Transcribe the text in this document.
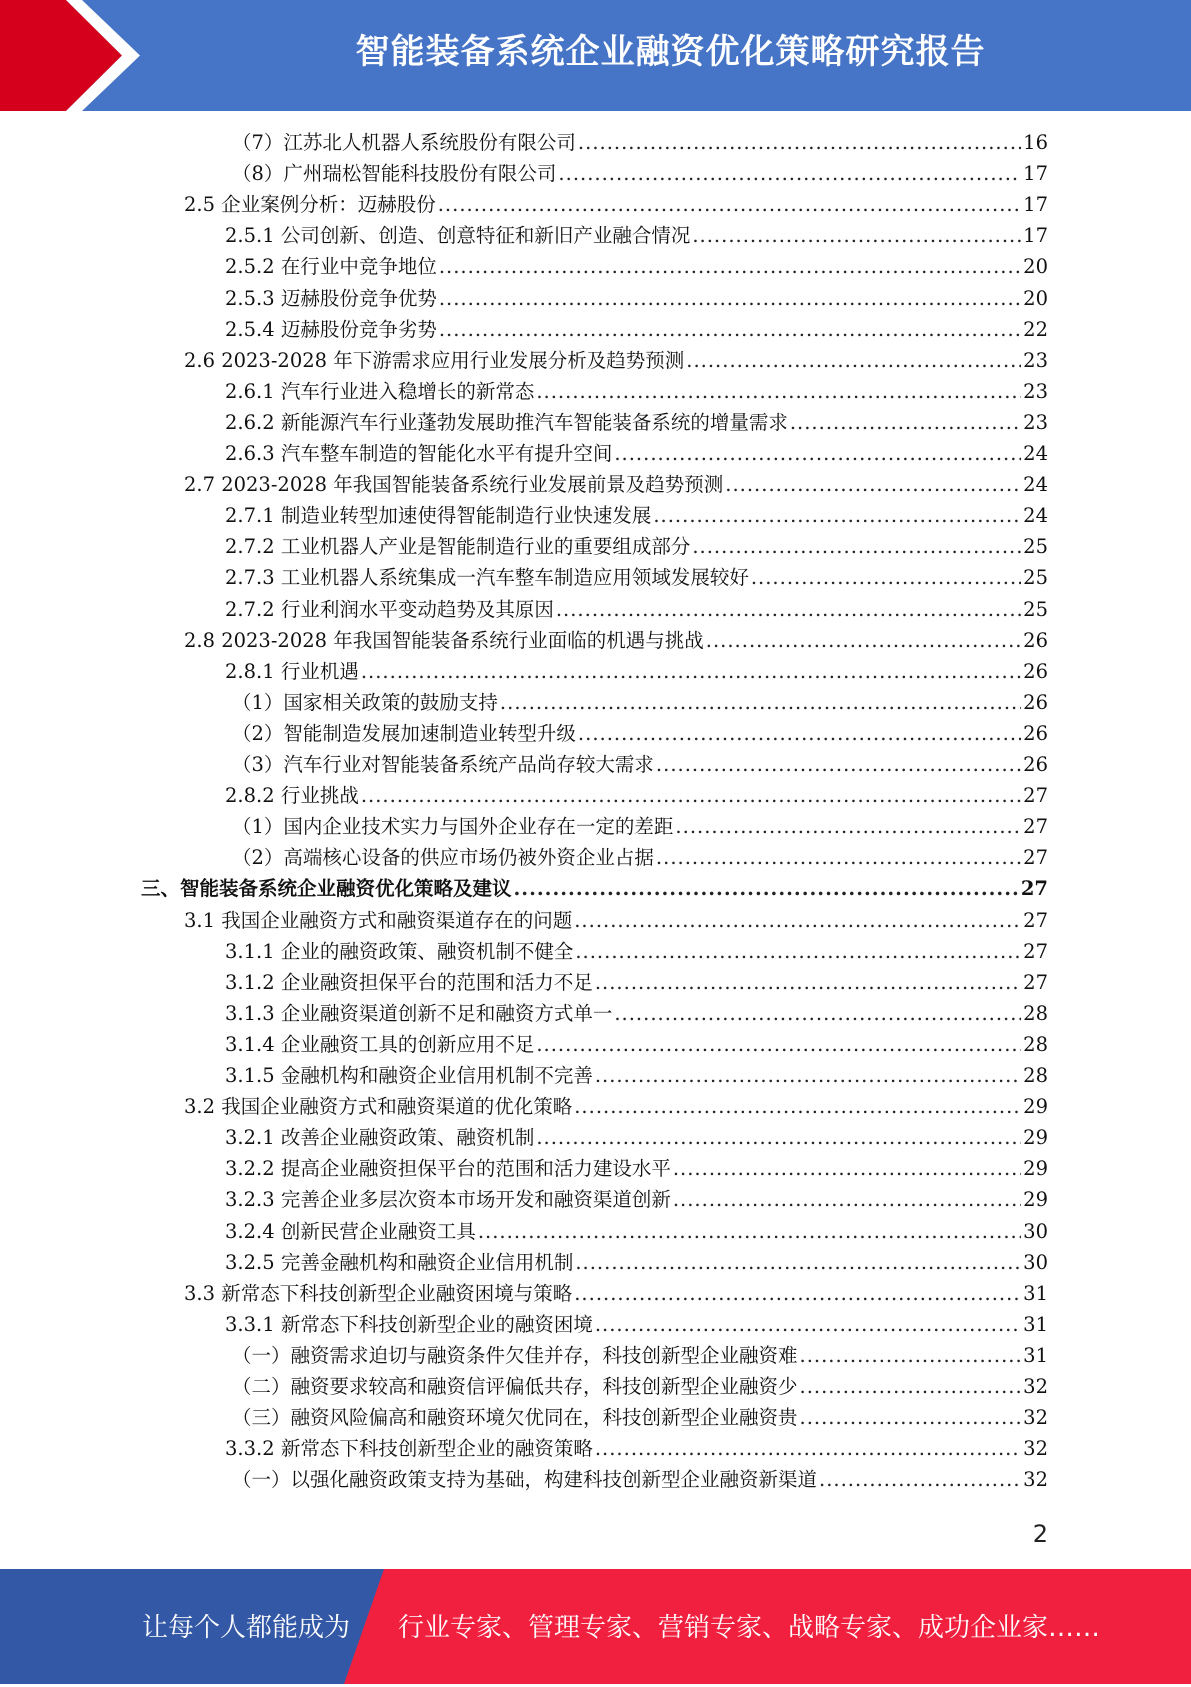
智能装备系统企业融资优化策略研究报告
（7）江苏北人机器人系统股份有限公司 .....	16
（8）广州瑞松智能科技股份有限公司 .....	17
2.5 企业案例分析：迈赫股份 .....	17
2.5.1 公司创新、创造、创意特征和新旧产业融合情况 .....	17
2.5.2 在行业中竞争地位 .....	20
2.5.3 迈赫股份竞争优势 .....	20
2.5.4 迈赫股份竞争劣势 .....	22
2.6 2023-2028 年下游需求应用行业发展分析及趋势预测 .....	23
2.6.1 汽车行业进入稳增长的新常态 .....	23
2.6.2 新能源汽车行业蓬勃发展助推汽车智能装备系统的增量需求 .....	23
2.6.3 汽车整车制造的智能化水平有提升空间 .....	24
2.7 2023-2028 年我国智能装备系统行业发展前景及趋势预测 .....	24
2.7.1 制造业转型加速使得智能制造行业快速发展 .....	24
2.7.2 工业机器人产业是智能制造行业的重要组成部分 .....	25
2.7.3 工业机器人系统集成一汽车整车制造应用领域发展较好 .....	25
2.7.2 行业利润水平变动趋势及其原因 .....	25
2.8 2023-2028 年我国智能装备系统行业面临的机遇与挑战 .....	26
2.8.1 行业机遇 .....	26
（1）国家相关政策的鼓励支持 .....	26
（2）智能制造发展加速制造业转型升级 .....	26
（3）汽车行业对智能装备系统产品尚存较大需求 .....	26
2.8.2 行业挑战 .....	27
（1）国内企业技术实力与国外企业存在一定的差距 .....	27
（2）高端核心设备的供应市场仍被外资企业占据 .....	27
三、智能装备系统企业融资优化策略及建议 .....	27
3.1 我国企业融资方式和融资渠道存在的问题 .....	27
3.1.1 企业的融资政策、融资机制不健全 .....	27
3.1.2 企业融资担保平台的范围和活力不足 .....	27
3.1.3 企业融资渠道创新不足和融资方式单一 .....	28
3.1.4 企业融资工具的创新应用不足 .....	28
3.1.5 金融机构和融资企业信用机制不完善 .....	28
3.2 我国企业融资方式和融资渠道的优化策略 .....	29
3.2.1 改善企业融资政策、融资机制 .....	29
3.2.2 提高企业融资担保平台的范围和活力建设水平 .....	29
3.2.3 完善企业多层次资本市场开发和融资渠道创新 .....	29
3.2.4 创新民营企业融资工具 .....	30
3.2.5 完善金融机构和融资企业信用机制 .....	30
3.3 新常态下科技创新型企业融资困境与策略 .....	31
3.3.1 新常态下科技创新型企业的融资困境 .....	31
（一）融资需求迫切与融资条件欠佳并存，科技创新型企业融资难 .....	31
（二）融资要求较高和融资信评偏低共存，科技创新型企业融资少 .....	32
（三）融资风险偏高和融资环境欠优同在，科技创新型企业融资贵 .....	32
3.3.2 新常态下科技创新型企业的融资策略 .....	32
（一）以强化融资政策支持为基础，构建科技创新型企业融资新渠道 .....	32
2
让每个人都能成为 行业专家、管理专家、营销专家、战略专家、成功企业家……
